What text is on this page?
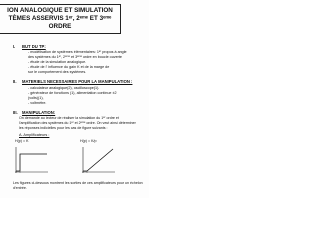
ION ANALOGIQUE ET SIMULATION
TÈMES ASSERVIS 1ᵉʳ, 2ᵉᵐᵉ ET 3ᵉᵐᵉ
ORDRE
I. BUT DU TP:
- modélisation de systèmes élémentaires: 1ᵉʳ propos à angle
des systèmes du 1ᵉʳ, 2ᵉᵐᵉ et 3ᵉᵐᵉ ordre en boucle ouverte
- étude de la simulation analogique.
- étude de l' influence du gain K et de la marge de
sur le comportement des systèmes.
II. MATERIELS NECESSAIRES POUR LA MANIPULATION :
- calculateur analogique(2), oscilloscope(1).
- générateur de fonctions (1), alimentation continue ±2
(volts)(1),
- voltmètre.
III. MANIPULATION:
On demande au lecteur de réaliser la simulation du 1ᵉʳ ordre et l'amplification des systèmes du 1ᵉʳ et 2ᵉᵐᵉ ordre. On veut ainsi déterminer les réponses indicielles pour les cas de figure suivants :
A. Amplificateurs :
H(p) = K	H(p) = K/p
Les figures ci-dessous montrent les sorties de ces amplificateurs pour un échelon d'entrée.
